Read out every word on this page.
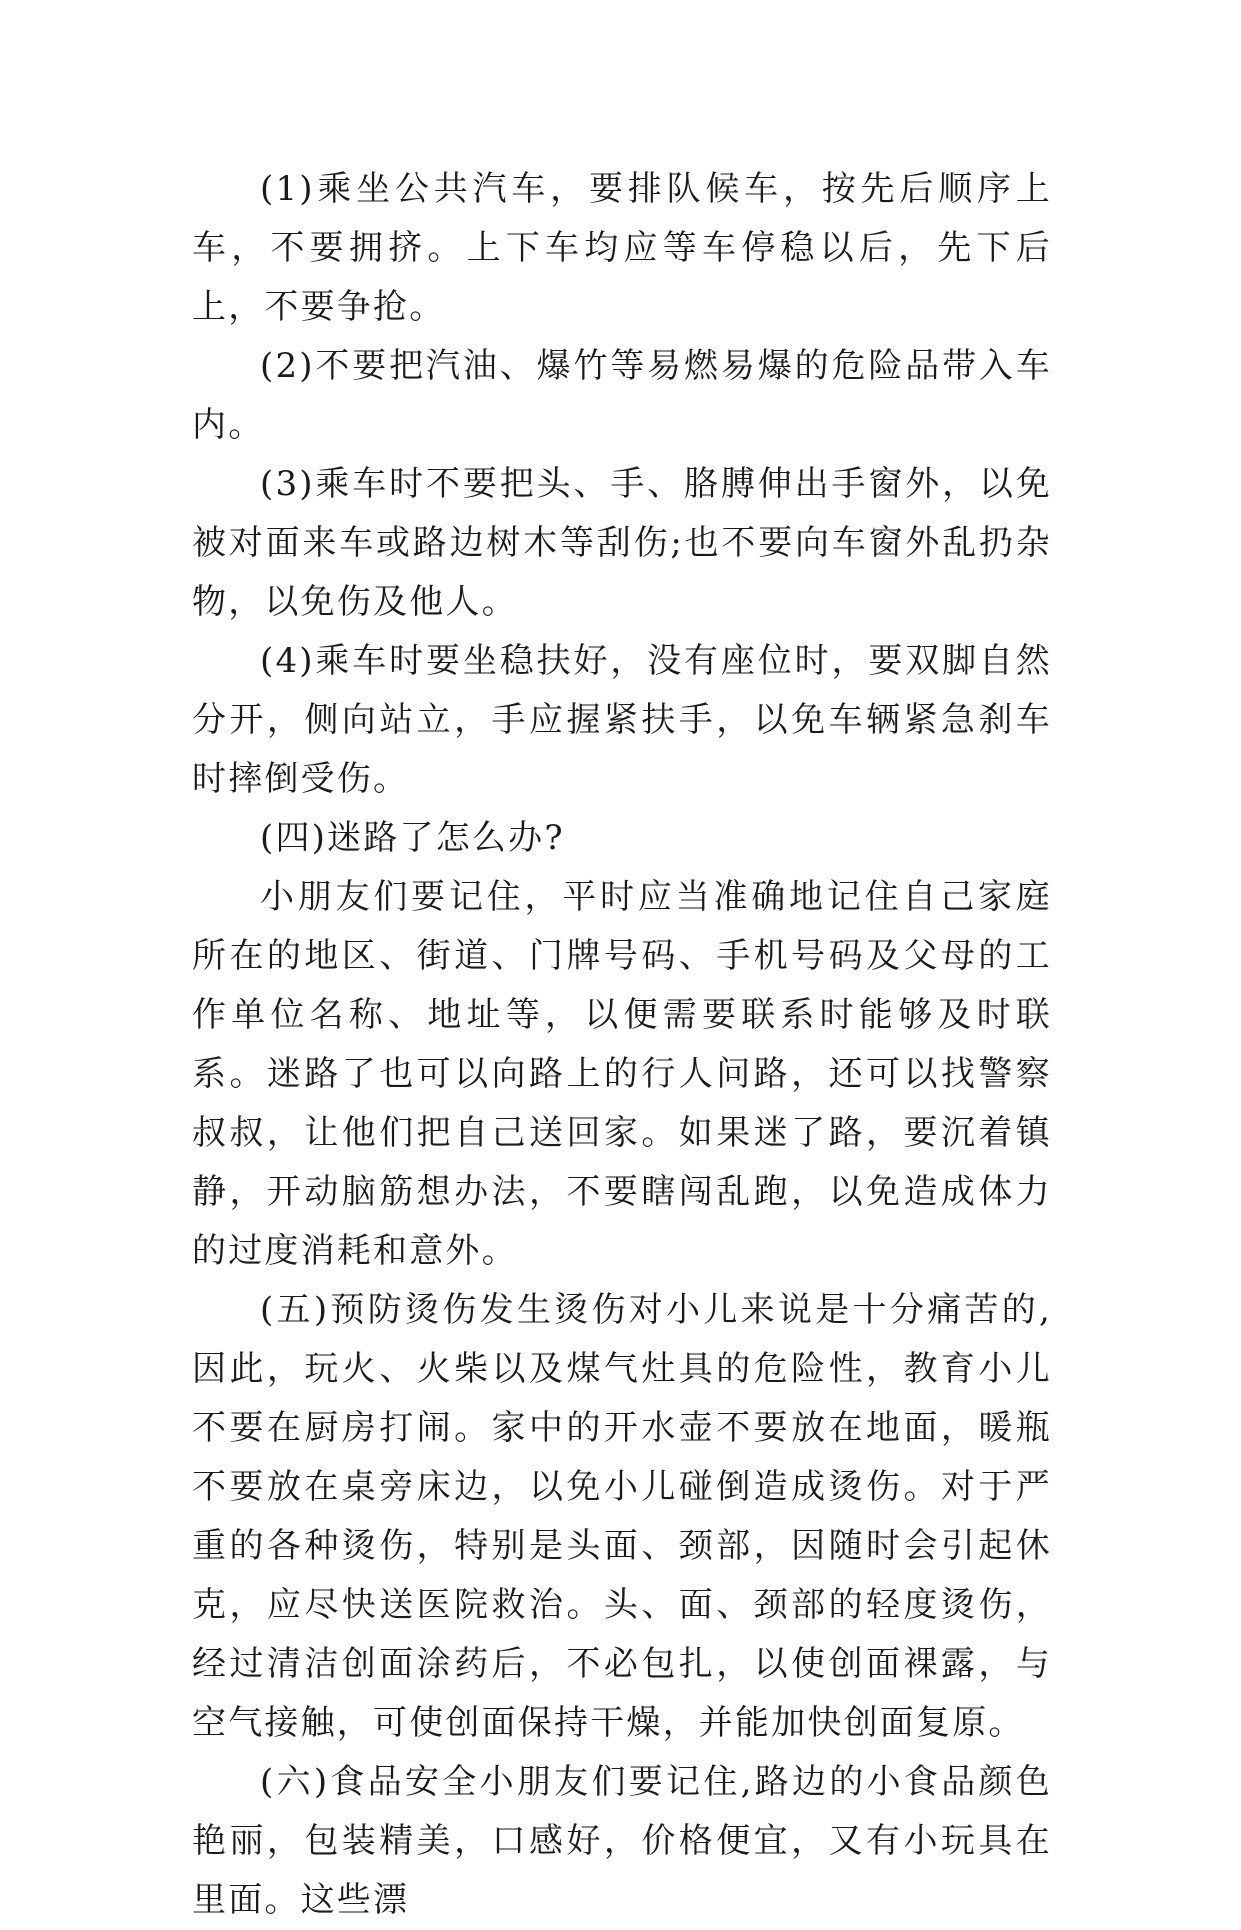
(1)乘坐公共汽车，要排队候车，按先后顺序上车，不要拥挤。上下车均应等车停稳以后，先下后上，不要争抢。

(2)不要把汽油、爆竹等易燃易爆的危险品带入车内。

(3)乘车时不要把头、手、胳膊伸出手窗外，以免被对面来车或路边树木等刮伤;也不要向车窗外乱扔杂物，以免伤及他人。

(4)乘车时要坐稳扶好，没有座位时，要双脚自然分开，侧向站立，手应握紧扶手，以免车辆紧急刹车时摔倒受伤。

(四)迷路了怎么办?

小朋友们要记住，平时应当准确地记住自己家庭所在的地区、街道、门牌号码、手机号码及父母的工作单位名称、地址等，以便需要联系时能够及时联系。迷路了也可以向路上的行人问路，还可以找警察叔叔，让他们把自己送回家。如果迷了路，要沉着镇静，开动脑筋想办法，不要瞎闯乱跑，以免造成体力的过度消耗和意外。

(五)预防烫伤发生烫伤对小儿来说是十分痛苦的,因此，玩火、火柴以及煤气灶具的危险性，教育小儿不要在厨房打闹。家中的开水壶不要放在地面，暖瓶不要放在桌旁床边，以免小儿碰倒造成烫伤。对于严重的各种烫伤，特别是头面、颈部，因随时会引起休克，应尽快送医院救治。头、面、颈部的轻度烫伤，经过清洁创面涂药后，不必包扎，以使创面裸露，与空气接触，可使创面保持干燥，并能加快创面复原。

(六)食品安全小朋友们要记住,路边的小食品颜色艳丽，包装精美，口感好，价格便宜，又有小玩具在里面。这些漂
